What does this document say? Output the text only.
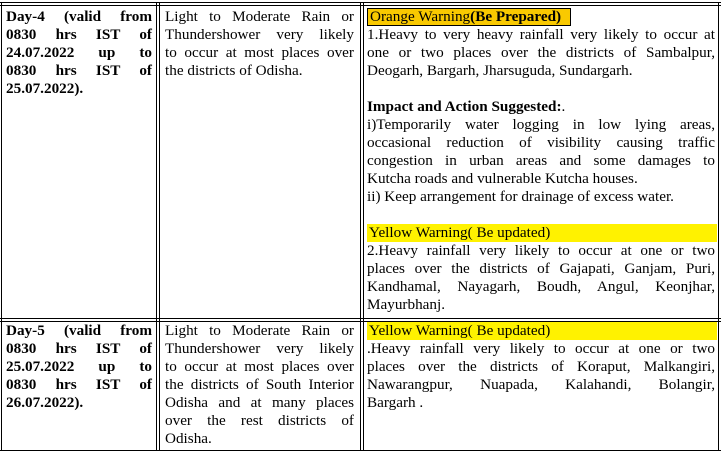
Day-4 (valid from
0830 hrs IST of
24.07.2022 up to
0830 hrs IST of
25.07.2022).
Light to Moderate Rain or
Thundershower very likely
to occur at most places over
the districts of Odisha.
Orange Warning(Be Prepared)
1.Heavy to very heavy rainfall very likely to occur at
one or two places over the districts of Sambalpur,
Deogarh, Bargarh, Jharsuguda, Sundargarh.
Impact and Action Suggested:.
i)Temporarily water logging in low lying areas,
occasional reduction of visibility causing traffic
congestion in urban areas and some damages to
Kutcha roads and vulnerable Kutcha houses.
ii) Keep arrangement for drainage of excess water.
Yellow Warning( Be updated)
2.Heavy rainfall very likely to occur at one or two
places over the districts of Gajapati, Ganjam, Puri,
Kandhamal, Nayagarh, Boudh, Angul, Keonjhar,
Mayurbhanj.
Day-5 (valid from
0830 hrs IST of
25.07.2022 up to
0830 hrs IST of
26.07.2022).
Light to Moderate Rain or
Thundershower very likely
to occur at most places over
the districts of South Interior
Odisha and at many places
over the rest districts of
Odisha.
Yellow Warning( Be updated)
.Heavy rainfall very likely to occur at one or two
places over the districts of Koraput, Malkangiri,
Nawarangpur, Nuapada, Kalahandi, Bolangir,
Bargarh .
